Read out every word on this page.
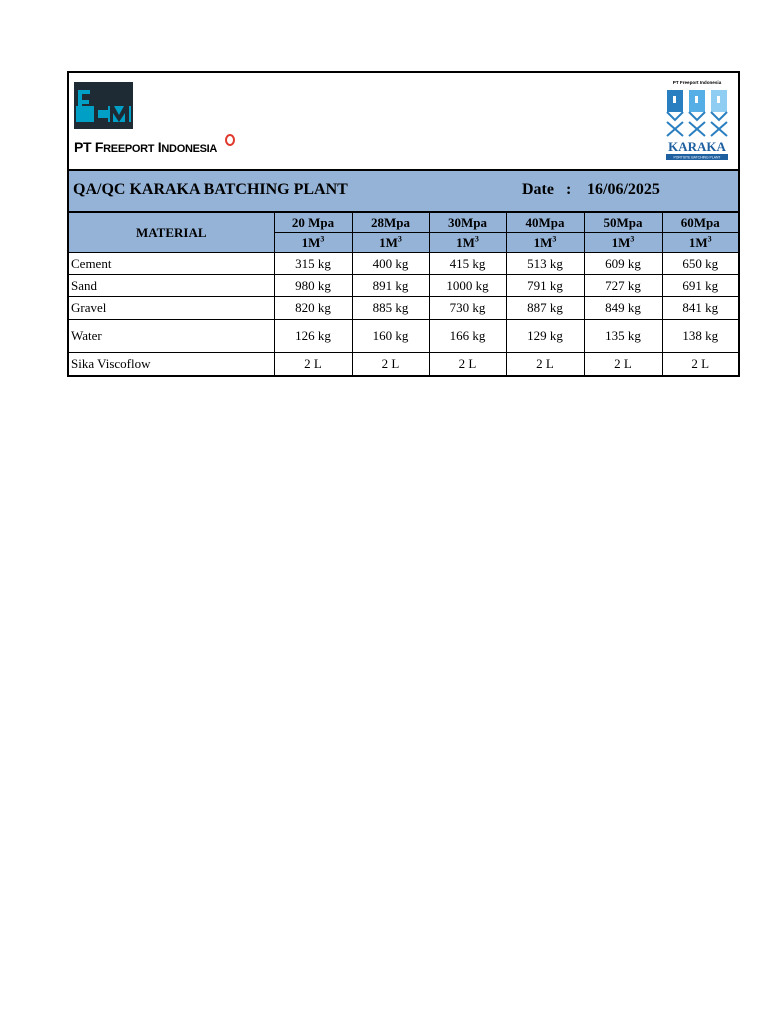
PT FREEPORT INDONESIA
PT Freeport Indonesia
KARAKA
PORTSITE BATCHING PLANT
QA/QC KARAKA BATCHING PLANT	Date : 16/06/2025
MATERIAL	20 Mpa	28Mpa	30Mpa	40Mpa	50Mpa	60Mpa
	$1M^3$	$1M^3$	$1M^3$	$1M^3$	$1M^3$	$1M^3$
Cement	315 kg	400 kg	415 kg	513 kg	609 kg	650 kg
Sand	980 kg	891 kg	1000 kg	791 kg	727 kg	691 kg
Gravel	820 kg	885 kg	730 kg	887 kg	849 kg	841 kg
Water	126 kg	160 kg	166 kg	129 kg	135 kg	138 kg
Sika Viscoflow	2 L	2 L	2 L	2 L	2 L	2 L
